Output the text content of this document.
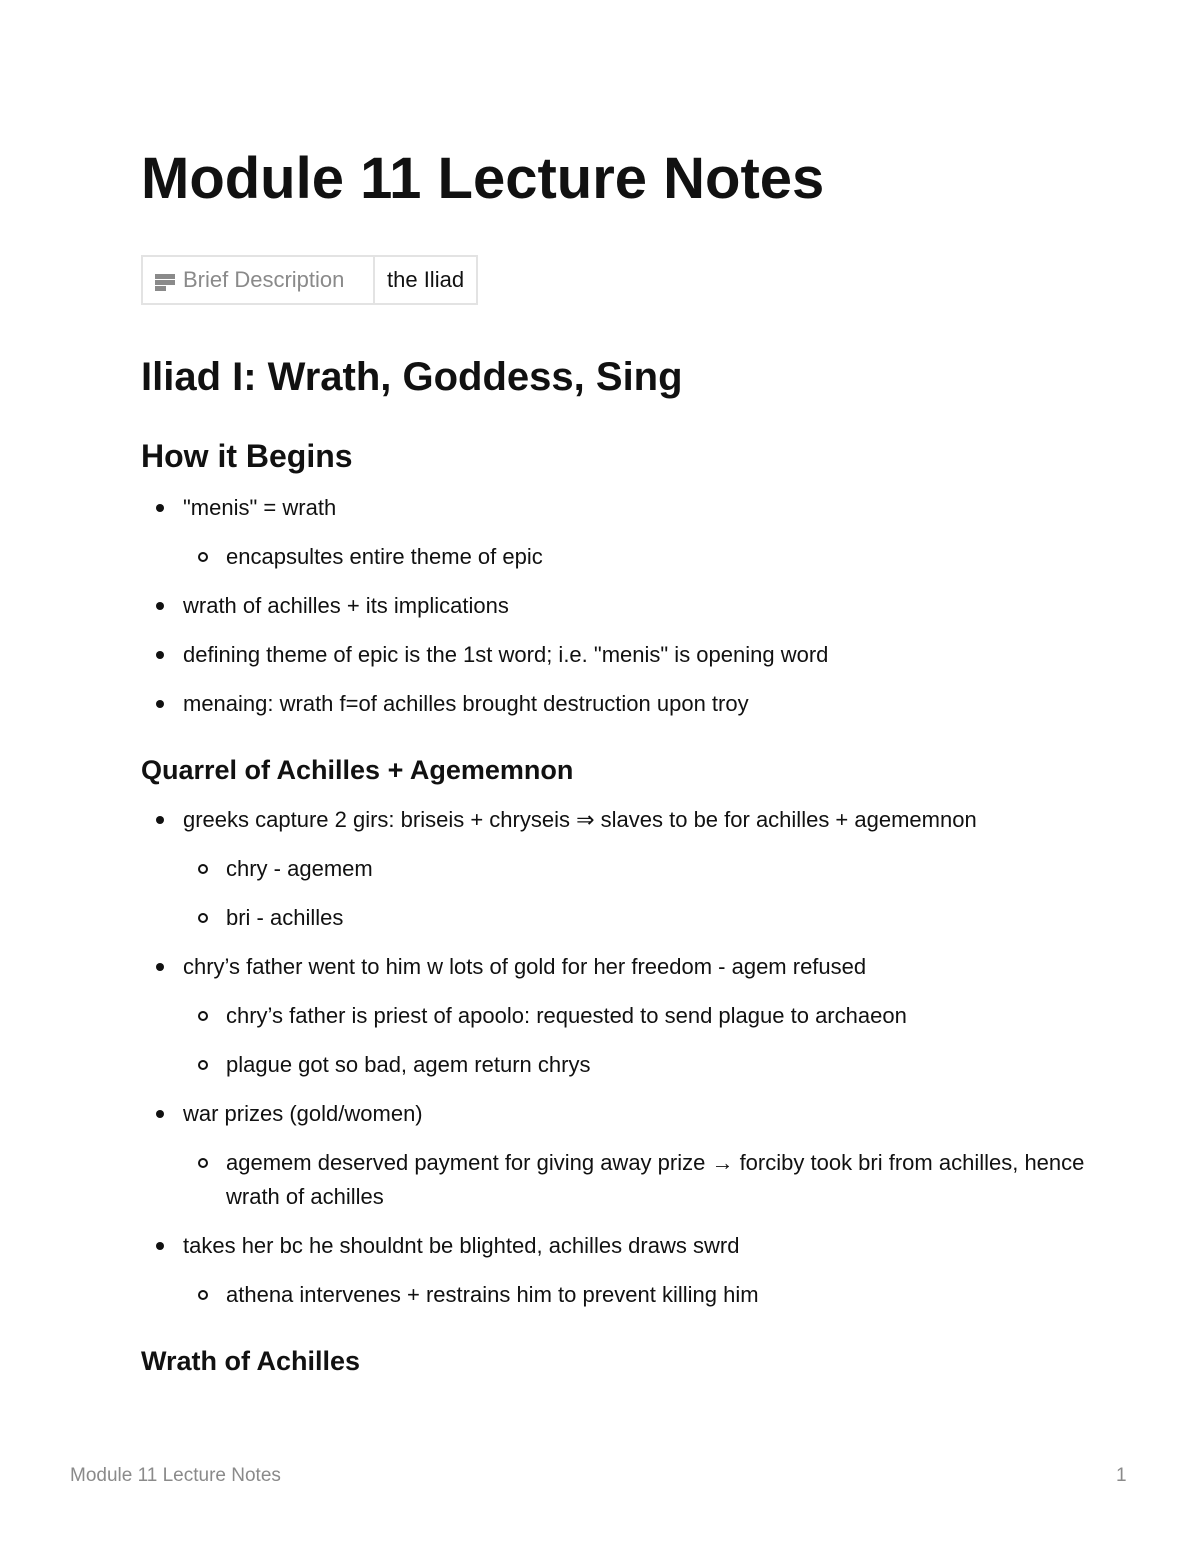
Module 11 Lecture Notes
Brief Description	the Iliad
Iliad I: Wrath, Goddess, Sing
How it Begins
"menis" = wrath
encapsultes entire theme of epic
wrath of achilles + its implications
defining theme of epic is the 1st word; i.e. "menis" is opening word
menaing: wrath f=of achilles brought destruction upon troy
Quarrel of Achilles + Agememnon
greeks capture 2 girs: briseis + chryseis ⇒ slaves to be for achilles + agememnon
chry - agemem
bri - achilles
chry’s father went to him w lots of gold for her freedom - agem refused
chry’s father is priest of apoolo: requested to send plague to archaeon
plague got so bad, agem return chrys
war prizes (gold/women)
agemem deserved payment for giving away prize → forciby took bri from achilles, hence wrath of achilles
takes her bc he shouldnt be blighted, achilles draws swrd
athena intervenes + restrains him to prevent killing him
Wrath of Achilles
Module 11 Lecture Notes	1
